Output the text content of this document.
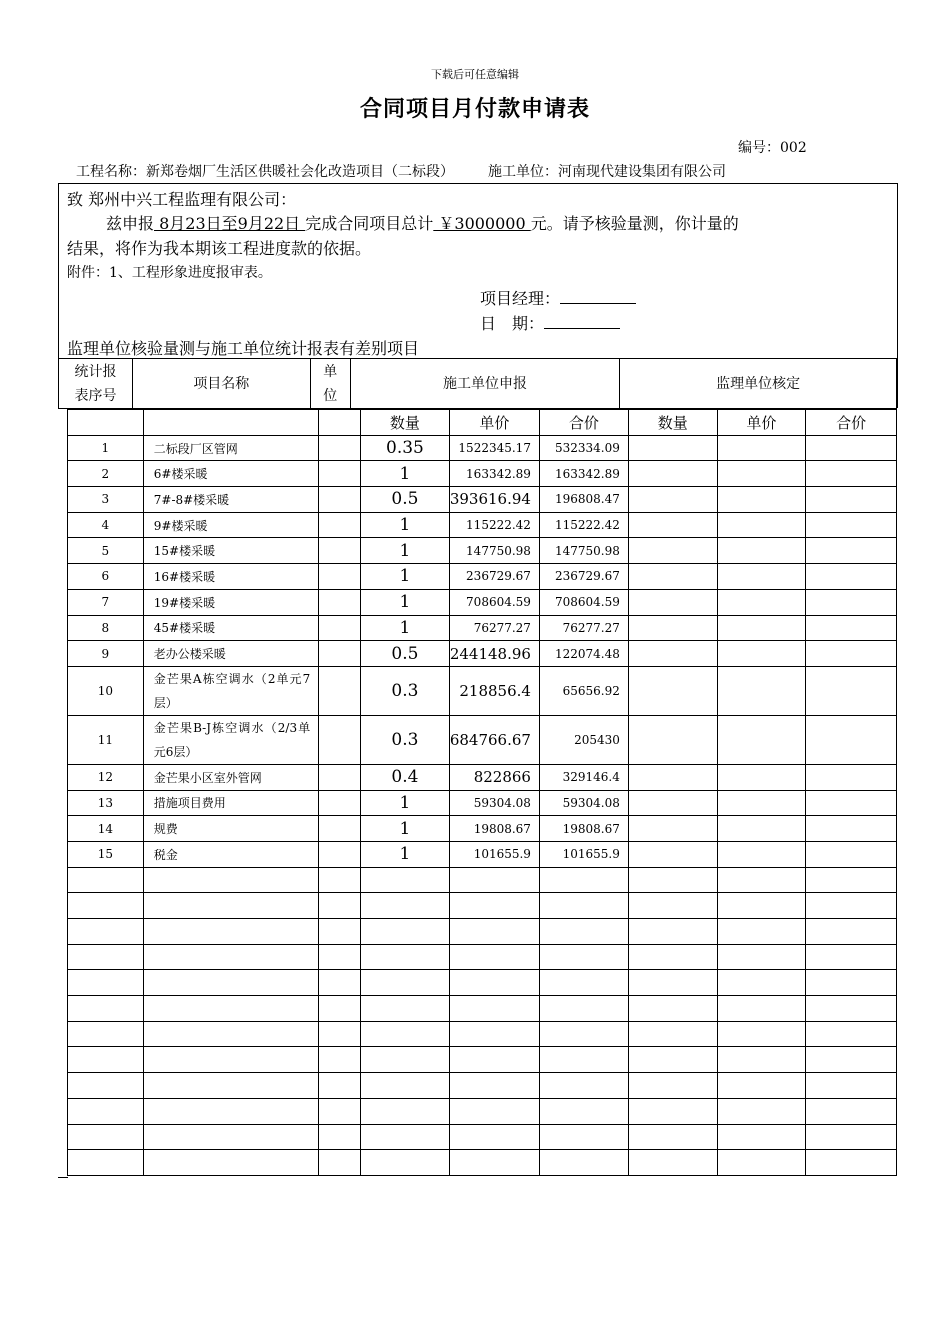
下载后可任意编辑
合同项目月付款申请表
编号：002
工程名称：新郑卷烟厂生活区供暖社会化改造项目（二标段） 施工单位：河南现代建设集团有限公司
致 郑州中兴工程监理有限公司：
兹申报 8月23日至9月22日 完成合同项目总计 ￥3000000 元。请予核验量测，你计量的
结果，将作为我本期该工程进度款的依据。
附件：1、工程形象进度报审表。
项目经理：
日　期：
监理单位核验量测与施工单位统计报表有差别项目
统计报表序号	项目名称	单位	施工单位申报	监理单位核定
			数量	单价	合价	数量	单价	合价
1	二标段厂区管网		0.35	1522345.17	532334.09			
2	6#楼采暖		1	163342.89	163342.89			
3	7#-8#楼采暖		0.5	393616.94	196808.47			
4	9#楼采暖		1	115222.42	115222.42			
5	15#楼采暖		1	147750.98	147750.98			
6	16#楼采暖		1	236729.67	236729.67			
7	19#楼采暖		1	708604.59	708604.59			
8	45#楼采暖		1	76277.27	76277.27			
9	老办公楼采暖		0.5	244148.96	122074.48			
10	金芒果A栋空调水（2单元7层）		0.3	218856.4	65656.92			
11	金芒果B-J栋空调水（2/3单元6层）		0.3	684766.67	205430			
12	金芒果小区室外管网		0.4	822866	329146.4			
13	措施项目费用		1	59304.08	59304.08			
14	规费		1	19808.67	19808.67			
15	税金		1	101655.9	101655.9			
